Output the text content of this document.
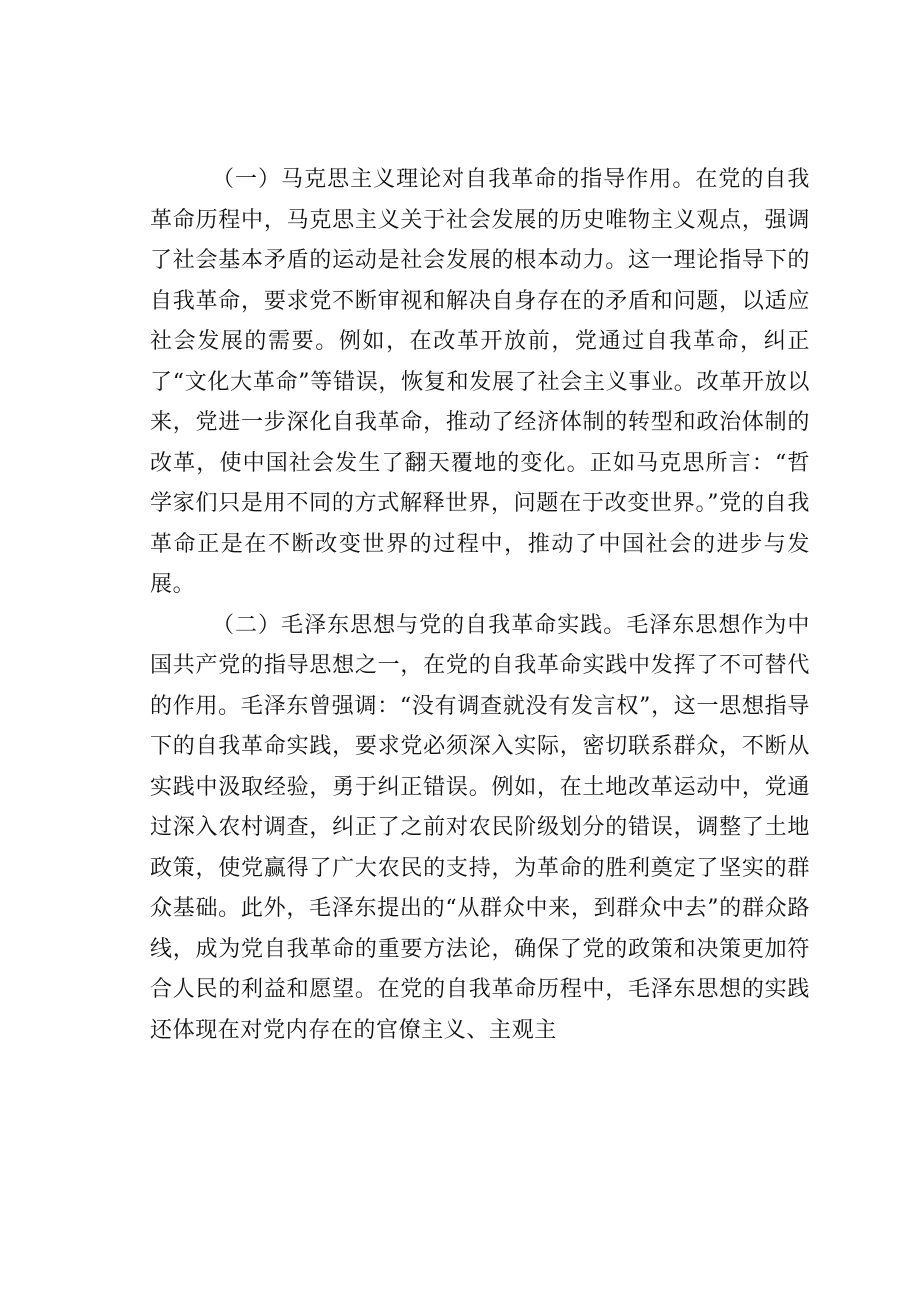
（一）马克思主义理论对自我革命的指导作用。在党的自我革命历程中，马克思主义关于社会发展的历史唯物主义观点，强调了社会基本矛盾的运动是社会发展的根本动力。这一理论指导下的自我革命，要求党不断审视和解决自身存在的矛盾和问题，以适应社会发展的需要。例如，在改革开放前，党通过自我革命，纠正了“文化大革命”等错误，恢复和发展了社会主义事业。改革开放以来，党进一步深化自我革命，推动了经济体制的转型和政治体制的改革，使中国社会发生了翻天覆地的变化。正如马克思所言：“哲学家们只是用不同的方式解释世界，问题在于改变世界。”党的自我革命正是在不断改变世界的过程中，推动了中国社会的进步与发展。

（二）毛泽东思想与党的自我革命实践。毛泽东思想作为中国共产党的指导思想之一，在党的自我革命实践中发挥了不可替代的作用。毛泽东曾强调：“没有调查就没有发言权”，这一思想指导下的自我革命实践，要求党必须深入实际，密切联系群众，不断从实践中汲取经验，勇于纠正错误。例如，在土地改革运动中，党通过深入农村调查，纠正了之前对农民阶级划分的错误，调整了土地政策，使党赢得了广大农民的支持，为革命的胜利奠定了坚实的群众基础。此外，毛泽东提出的“从群众中来，到群众中去”的群众路线，成为党自我革命的重要方法论，确保了党的政策和决策更加符合人民的利益和愿望。在党的自我革命历程中，毛泽东思想的实践还体现在对党内存在的官僚主义、主观主
